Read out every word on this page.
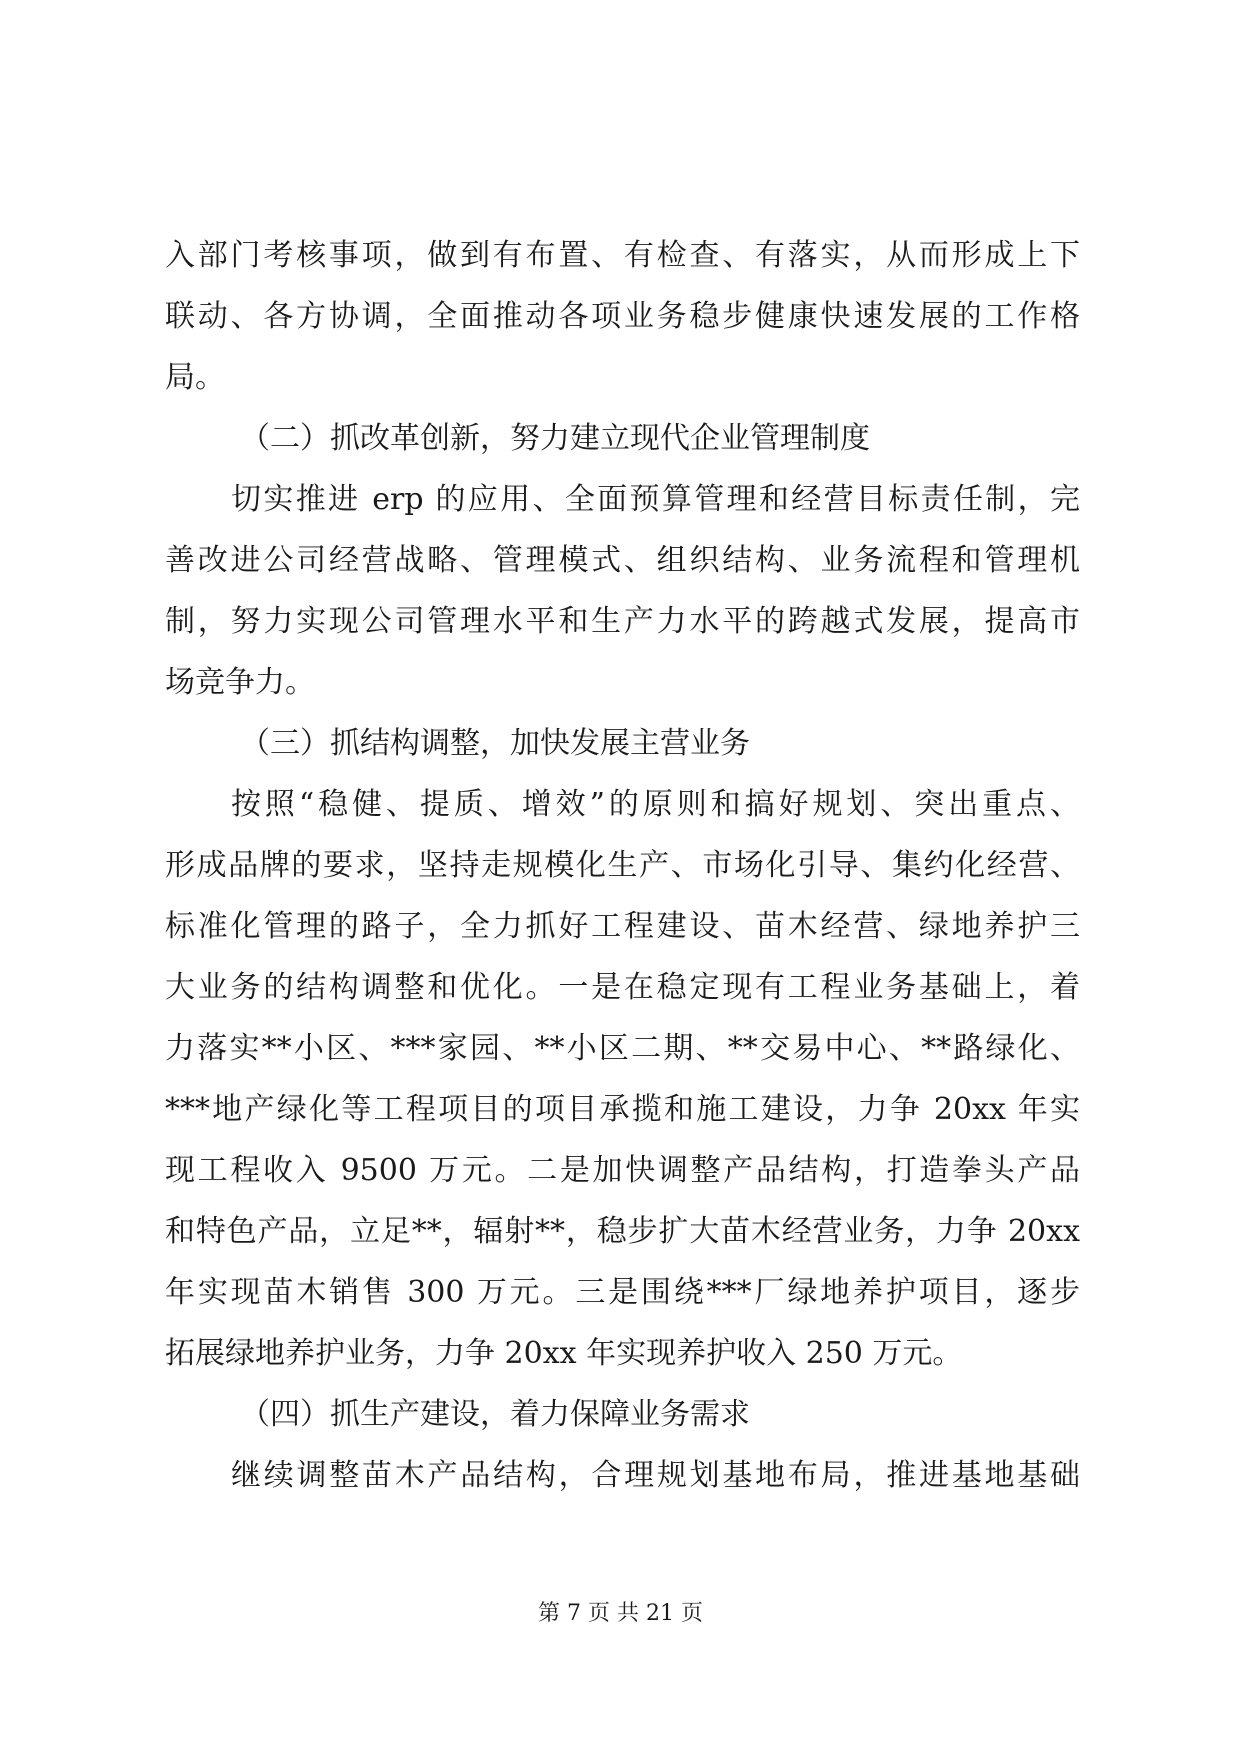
入部门考核事项，做到有布置、有检查、有落实，从而形成上下
联动、各方协调，全面推动各项业务稳步健康快速发展的工作格
局。
（二）抓改革创新，努力建立现代企业管理制度
切实推进 erp 的应用、全面预算管理和经营目标责任制，完
善改进公司经营战略、管理模式、组织结构、业务流程和管理机
制，努力实现公司管理水平和生产力水平的跨越式发展，提高市
场竞争力。
（三）抓结构调整，加快发展主营业务
按照“稳健、提质、增效”的原则和搞好规划、突出重点、
形成品牌的要求，坚持走规模化生产、市场化引导、集约化经营、
标准化管理的路子，全力抓好工程建设、苗木经营、绿地养护三
大业务的结构调整和优化。一是在稳定现有工程业务基础上，着
力落实**小区、***家园、**小区二期、**交易中心、**路绿化、
***地产绿化等工程项目的项目承揽和施工建设，力争 20xx 年实
现工程收入 9500 万元。二是加快调整产品结构，打造拳头产品
和特色产品，立足**，辐射**，稳步扩大苗木经营业务，力争 20xx
年实现苗木销售 300 万元。三是围绕***厂绿地养护项目，逐步
拓展绿地养护业务，力争 20xx 年实现养护收入 250 万元。
（四）抓生产建设，着力保障业务需求
继续调整苗木产品结构，合理规划基地布局，推进基地基础
第 7 页 共 21 页
